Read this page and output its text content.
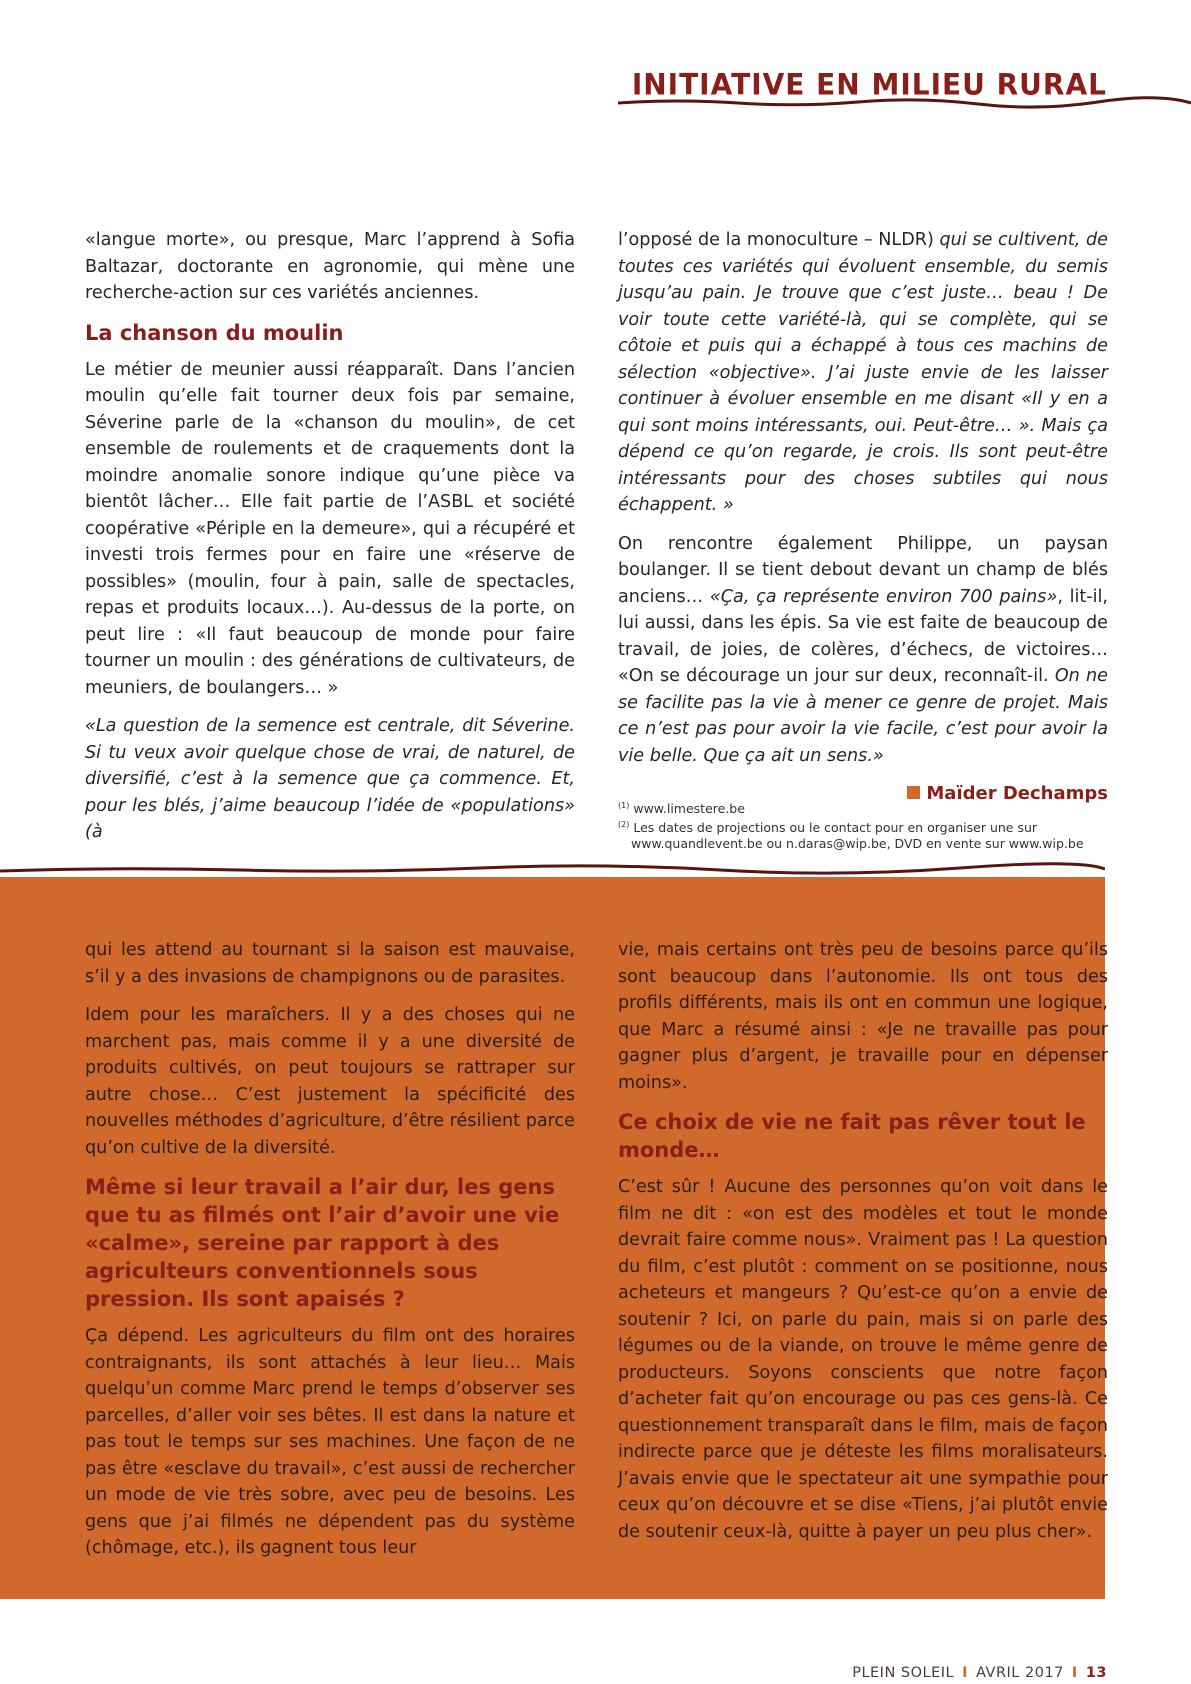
INITIATIVE EN MILIEU RURAL

«langue morte», ou presque, Marc l’apprend à Sofia Baltazar, doctorante en agronomie, qui mène une recherche-action sur ces variétés anciennes.

La chanson du moulin

Le métier de meunier aussi réapparaît. Dans l’ancien moulin qu’elle fait tourner deux fois par semaine, Séverine parle de la «chanson du moulin», de cet ensemble de roulements et de craquements dont la moindre anomalie sonore indique qu’une pièce va bientôt lâcher… Elle fait partie de l’ASBL et société coopérative «Périple en la demeure», qui a récupéré et investi trois fermes pour en faire une «réserve de possibles» (moulin, four à pain, salle de spectacles, repas et produits locaux…). Au-dessus de la porte, on peut lire : «Il faut beaucoup de monde pour faire tourner un moulin : des générations de cultivateurs, de meuniers, de boulangers… »

«La question de la semence est centrale, dit Séverine. Si tu veux avoir quelque chose de vrai, de naturel, de diversifié, c’est à la semence que ça commence. Et, pour les blés, j’aime beaucoup l’idée de «populations» (à

l’opposé de la monoculture – NLDR) qui se cultivent, de toutes ces variétés qui évoluent ensemble, du semis jusqu’au pain. Je trouve que c’est juste… beau ! De voir toute cette variété-là, qui se complète, qui se côtoie et puis qui a échappé à tous ces machins de sélection «objective». J’ai juste envie de les laisser continuer à évoluer ensemble en me disant «Il y en a qui sont moins intéressants, oui. Peut-être… ». Mais ça dépend ce qu’on regarde, je crois. Ils sont peut-être intéressants pour des choses subtiles qui nous échappent. »

On rencontre également Philippe, un paysan boulanger. Il se tient debout devant un champ de blés anciens… «Ça, ça représente environ 700 pains», lit-il, lui aussi, dans les épis. Sa vie est faite de beaucoup de travail, de joies, de colères, d’échecs, de victoires… «On se décourage un jour sur deux, reconnaît-il. On ne se facilite pas la vie à mener ce genre de projet. Mais ce n’est pas pour avoir la vie facile, c’est pour avoir la vie belle. Que ça ait un sens.»

Maïder Dechamps
$^{(1)}$ www.limestere.be
$^{(2)}$ Les dates de projections ou le contact pour en organiser une sur www.quandlevent.be ou n.daras@wip.be, DVD en vente sur www.wip.be

qui les attend au tournant si la saison est mauvaise, s’il y a des invasions de champignons ou de parasites.

Idem pour les maraîchers. Il y a des choses qui ne marchent pas, mais comme il y a une diversité de produits cultivés, on peut toujours se rattraper sur autre chose… C’est justement la spécificité des nouvelles méthodes d’agriculture, d’être résilient parce qu’on cultive de la diversité.

Même si leur travail a l’air dur, les gens que tu as filmés ont l’air d’avoir une vie «calme», sereine par rapport à des agriculteurs conventionnels sous pression. Ils sont apaisés ?

Ça dépend. Les agriculteurs du film ont des horaires contraignants, ils sont attachés à leur lieu… Mais quelqu’un comme Marc prend le temps d’observer ses parcelles, d’aller voir ses bêtes. Il est dans la nature et pas tout le temps sur ses machines. Une façon de ne pas être «esclave du travail», c’est aussi de rechercher un mode de vie très sobre, avec peu de besoins. Les gens que j’ai filmés ne dépendent pas du système (chômage, etc.), ils gagnent tous leur

vie, mais certains ont très peu de besoins parce qu’ils sont beaucoup dans l’autonomie. Ils ont tous des profils différents, mais ils ont en commun une logique, que Marc a résumé ainsi : «Je ne travaille pas pour gagner plus d’argent, je travaille pour en dépenser moins».

Ce choix de vie ne fait pas rêver tout le monde…

C’est sûr ! Aucune des personnes qu’on voit dans le film ne dit : «on est des modèles et tout le monde devrait faire comme nous». Vraiment pas ! La question du film, c’est plutôt : comment on se positionne, nous acheteurs et mangeurs ? Qu’est-ce qu’on a envie de soutenir ? Ici, on parle du pain, mais si on parle des légumes ou de la viande, on trouve le même genre de producteurs. Soyons conscients que notre façon d’acheter fait qu’on encourage ou pas ces gens-là. Ce questionnement transparaît dans le film, mais de façon indirecte parce que je déteste les films moralisateurs. J’avais envie que le spectateur ait une sympathie pour ceux qu’on découvre et se dise «Tiens, j’ai plutôt envie de soutenir ceux-là, quitte à payer un peu plus cher».

PLEIN SOLEIL I AVRIL 2017 I 13
